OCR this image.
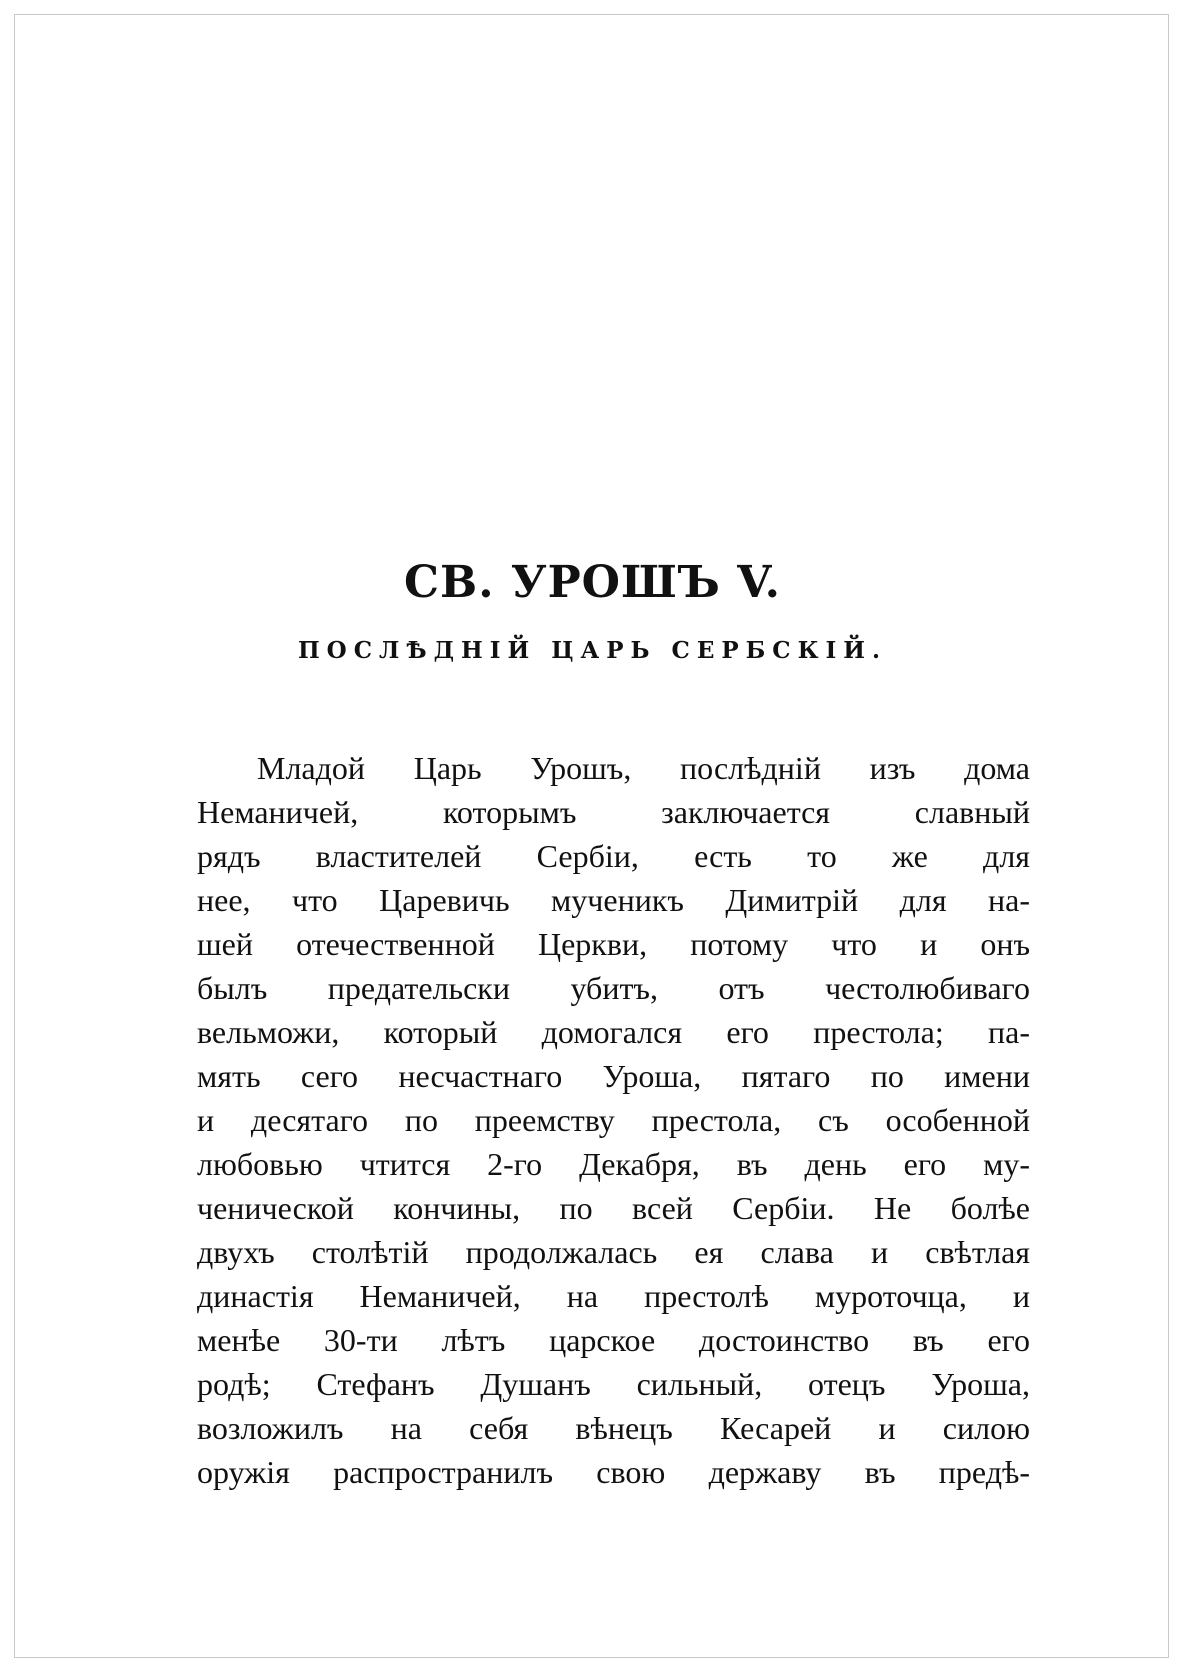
СВ. УРОШЪ V.
ПОСЛѢДНІЙ ЦАРЬ СЕРБСКІЙ.
Младой Царь Урошъ, послѣдній изъ дома
Неманичей, которымъ заключается славный
рядъ властителей Сербіи, есть то же для
нее, что Царевичь мученикъ Димитрій для на-
шей отечественной Церкви, потому что и онъ
былъ предательски убитъ, отъ честолюбиваго
вельможи, который домогался его престола; па-
мять сего несчастнаго Уроша, пятаго по имени
и десятаго по преемству престола, съ особенной
любовью чтится 2-го Декабря, въ день его му-
ченической кончины, по всей Сербіи. Не болѣе
двухъ столѣтій продолжалась ея слава и свѣтлая
династія Неманичей, на престолѣ муроточца, и
менѣе 30-ти лѣтъ царское достоинство въ его
родѣ; Стефанъ Душанъ сильный, отецъ Уроша,
возложилъ на себя вѣнецъ Кесарей и силою
оружія распространилъ свою державу въ предѣ-
